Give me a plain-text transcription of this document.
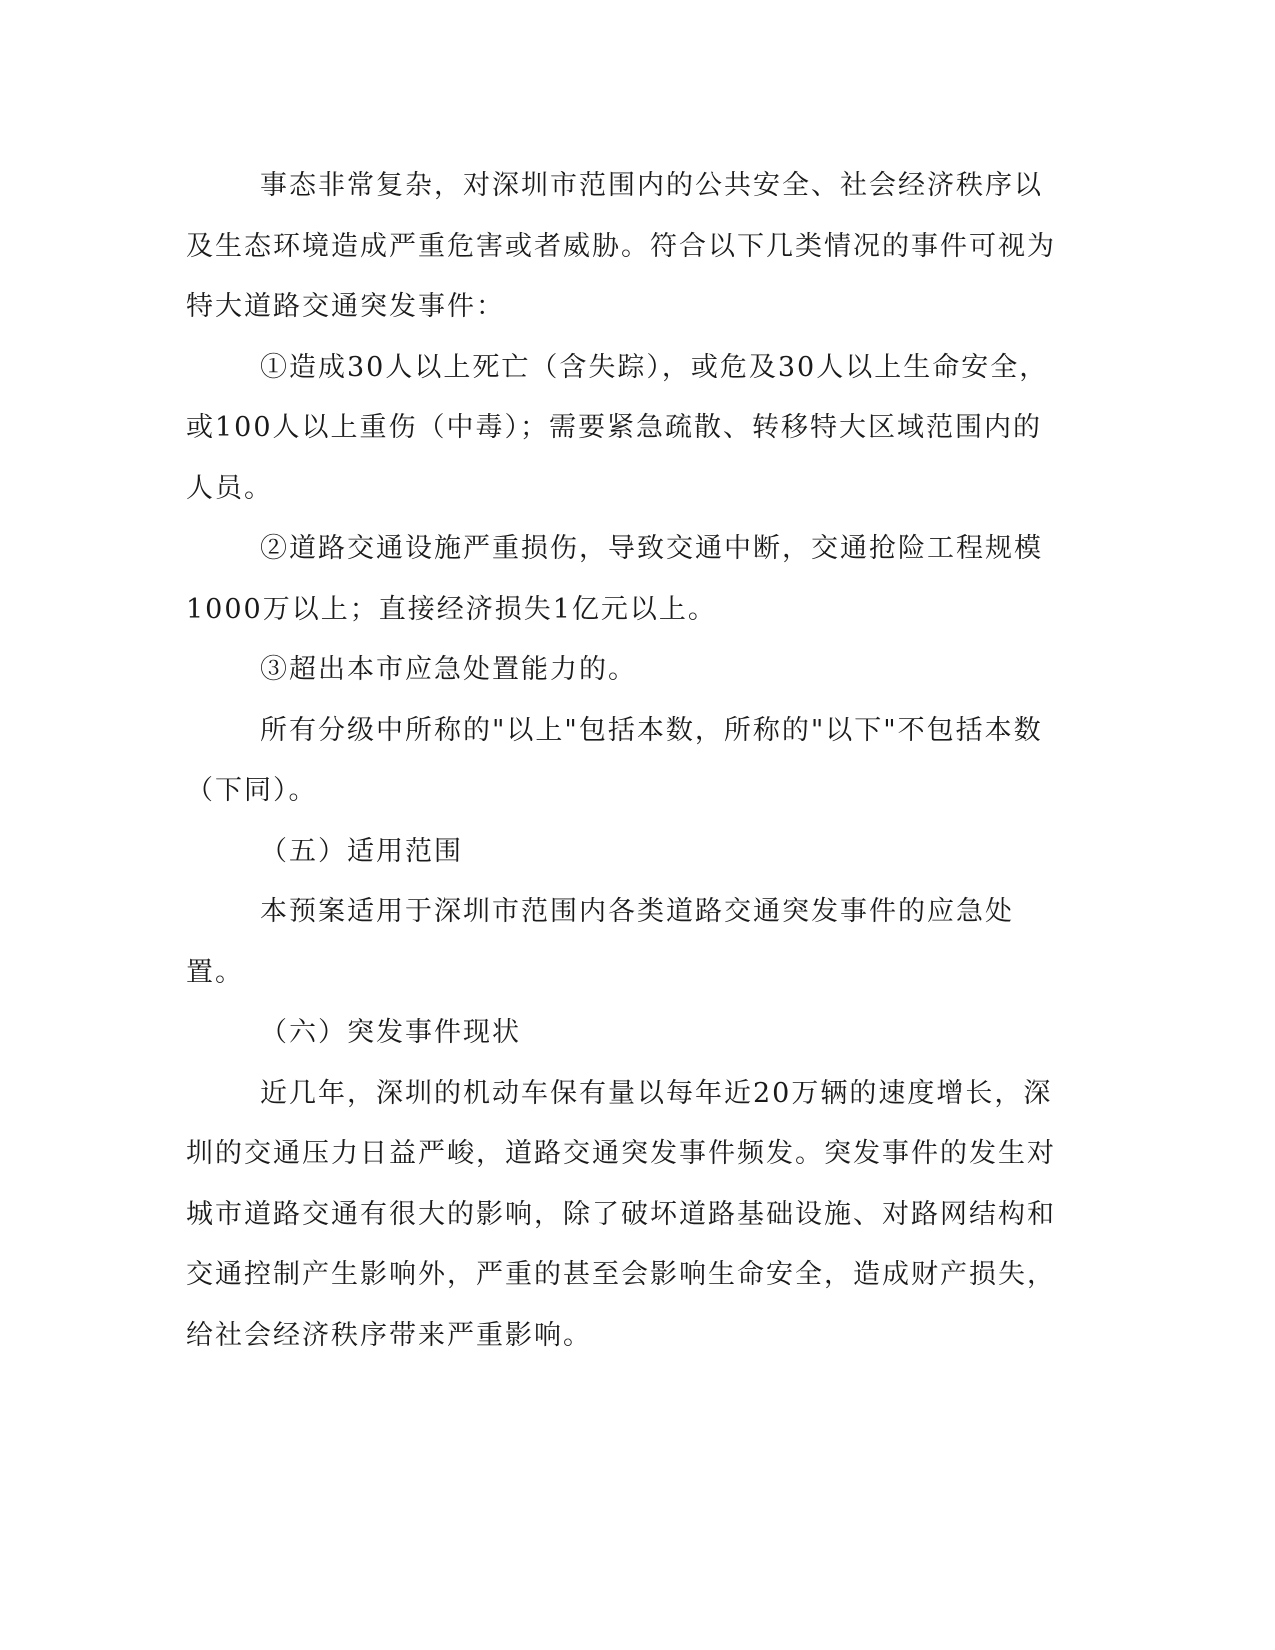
事态非常复杂，对深圳市范围内的公共安全、社会经济秩序以及生态环境造成严重危害或者威胁。符合以下几类情况的事件可视为特大道路交通突发事件：

①造成30人以上死亡（含失踪），或危及30人以上生命安全，或100人以上重伤（中毒）；需要紧急疏散、转移特大区域范围内的人员。

②道路交通设施严重损伤，导致交通中断，交通抢险工程规模1000万以上；直接经济损失1亿元以上。

③超出本市应急处置能力的。

所有分级中所称的"以上"包括本数，所称的"以下"不包括本数（下同）。

（五）适用范围

本预案适用于深圳市范围内各类道路交通突发事件的应急处置。

（六）突发事件现状

近几年，深圳的机动车保有量以每年近20万辆的速度增长，深圳的交通压力日益严峻，道路交通突发事件频发。突发事件的发生对城市道路交通有很大的影响，除了破坏道路基础设施、对路网结构和交通控制产生影响外，严重的甚至会影响生命安全，造成财产损失，给社会经济秩序带来严重影响。
